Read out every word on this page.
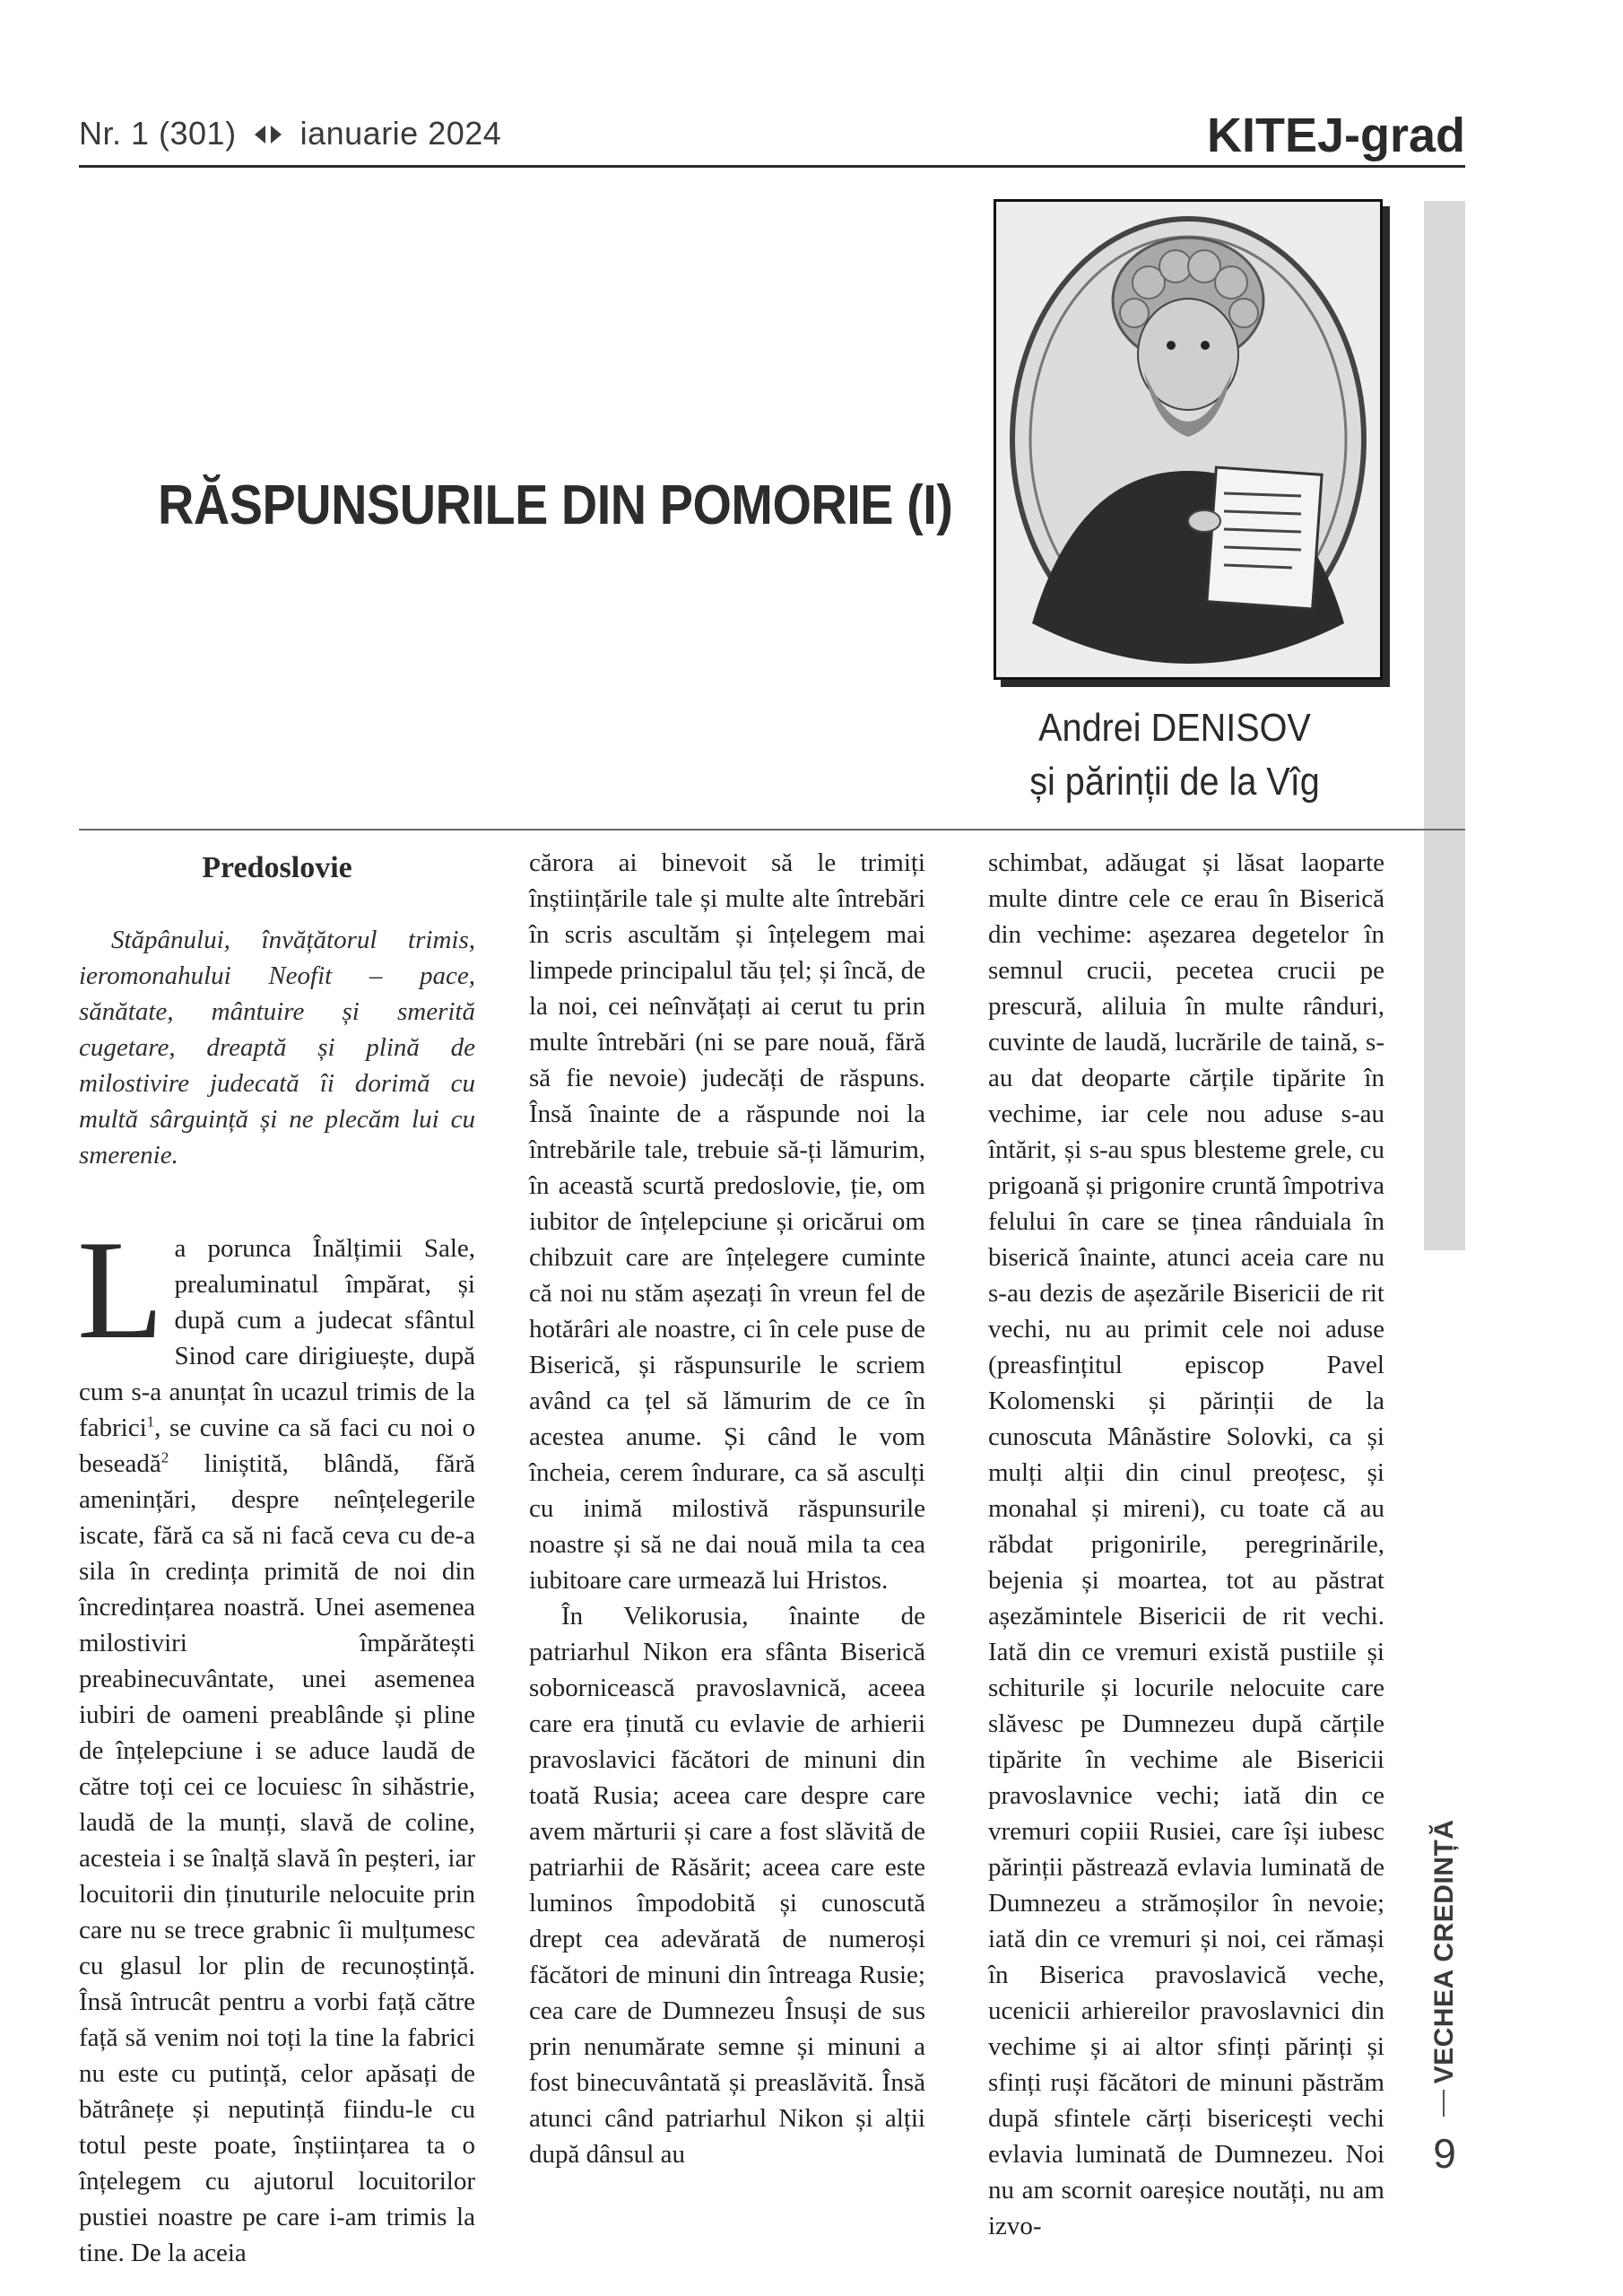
Nr. 1 (301) ianuarie 2024	KITEJ-grad
RĂSPUNSURILE DIN POMORIE (I)
Andrei DENISOV
și părinții de la Vîg
Predoslovie

Stăpânului, învățătorul trimis, ieromonahului Neofit – pace, sănătate, mântuire și smerită cugetare, dreaptă și plină de milostivire judecată îi dorimă cu multă sârguință și ne plecăm lui cu smerenie.

La porunca Înălțimii Sale, prealuminatul împărat, și după cum a judecat sfântul Sinod care dirigiuește, după cum s-a anunțat în ucazul trimis de la fabrici$^1$, se cuvine ca să faci cu noi o beseadă$^2$ liniștită, blândă, fără amenințări, despre neînțelegerile iscate, fără ca să ni facă ceva cu de-a sila în credința primită de noi din încredințarea noastră. Unei asemenea milostiviri împărătești preabinecuvântate, unei asemenea iubiri de oameni preablânde și pline de înțelepciune i se aduce laudă de către toți cei ce locuiesc în sihăstrie, laudă de la munți, slavă de coline, acesteia i se înalță slavă în peșteri, iar locuitorii din ținuturile nelocuite prin care nu se trece grabnic îi mulțumesc cu glasul lor plin de recunoștință. Însă întrucât pentru a vorbi față către față să venim noi toți la tine la fabrici nu este cu putință, celor apăsați de bătrânețe și neputință fiindu-le cu totul peste poate, înștiințarea ta o înțelegem cu ajutorul locuitorilor pustiei noastre pe care i-am trimis la tine. De la aceia

cărora ai binevoit să le trimiți înștiințările tale și multe alte întrebări în scris ascultăm și înțelegem mai limpede principalul tău țel; și încă, de la noi, cei neînvățați ai cerut tu prin multe întrebări (ni se pare nouă, fără să fie nevoie) judecăți de răspuns. Însă înainte de a răspunde noi la întrebările tale, trebuie să-ți lămurim, în această scurtă predoslovie, ție, om iubitor de înțelepciune și oricărui om chibzuit care are înțelegere cuminte că noi nu stăm așezați în vreun fel de hotărâri ale noastre, ci în cele puse de Biserică, și răspunsurile le scriem având ca țel să lămurim de ce în acestea anume. Și când le vom încheia, cerem îndurare, ca să asculți cu inimă milostivă răspunsurile noastre și să ne dai nouă mila ta cea iubitoare care urmează lui Hristos.

În Velikorusia, înainte de patriarhul Nikon era sfânta Biserică sobornicească pravoslavnică, aceea care era ținută cu evlavie de arhierii pravoslavici făcători de minuni din toată Rusia; aceea care despre care avem mărturii și care a fost slăvită de patriarhii de Răsărit; aceea care este luminos împodobită și cunoscută drept cea adevărată de numeroși făcători de minuni din întreaga Rusie; cea care de Dumnezeu Însuși de sus prin nenumărate semne și minuni a fost binecuvântată și preaslăvită. Însă atunci când patriarhul Nikon și alții după dânsul au

schimbat, adăugat și lăsat laoparte multe dintre cele ce erau în Biserică din vechime: așezarea degetelor în semnul crucii, pecetea crucii pe prescură, aliluia în multe rânduri, cuvinte de laudă, lucrările de taină, s-au dat deoparte cărțile tipărite în vechime, iar cele nou aduse s-au întărit, și s-au spus blesteme grele, cu prigoană și prigonire cruntă împotriva felului în care se ținea rânduiala în biserică înainte, atunci aceia care nu s-au dezis de așezările Bisericii de rit vechi, nu au primit cele noi aduse (preasfințitul episcop Pavel Kolomenski și părinții de la cunoscuta Mânăstire Solovki, ca și mulți alții din cinul preoțesc, și monahal și mireni), cu toate că au răbdat prigonirile, peregrinările, bejenia și moartea, tot au păstrat așezămintele Bisericii de rit vechi. Iată din ce vremuri există pustiile și schiturile și locurile nelocuite care slăvesc pe Dumnezeu după cărțile tipărite în vechime ale Bisericii pravoslavnice vechi; iată din ce vremuri copiii Rusiei, care își iubesc părinții păstrează evlavia luminată de Dumnezeu a strămoșilor în nevoie; iată din ce vremuri și noi, cei rămași în Biserica pravoslavică veche, ucenicii arhiereilor pravoslavnici din vechime și ai altor sfinți părinți și sfinți ruși făcători de minuni păstrăm după sfintele cărți bisericești vechi evlavia luminată de Dumnezeu. Noi nu am scornit oareșice noutăți, nu am izvo-

VECHEA CREDINȚĂ
9
